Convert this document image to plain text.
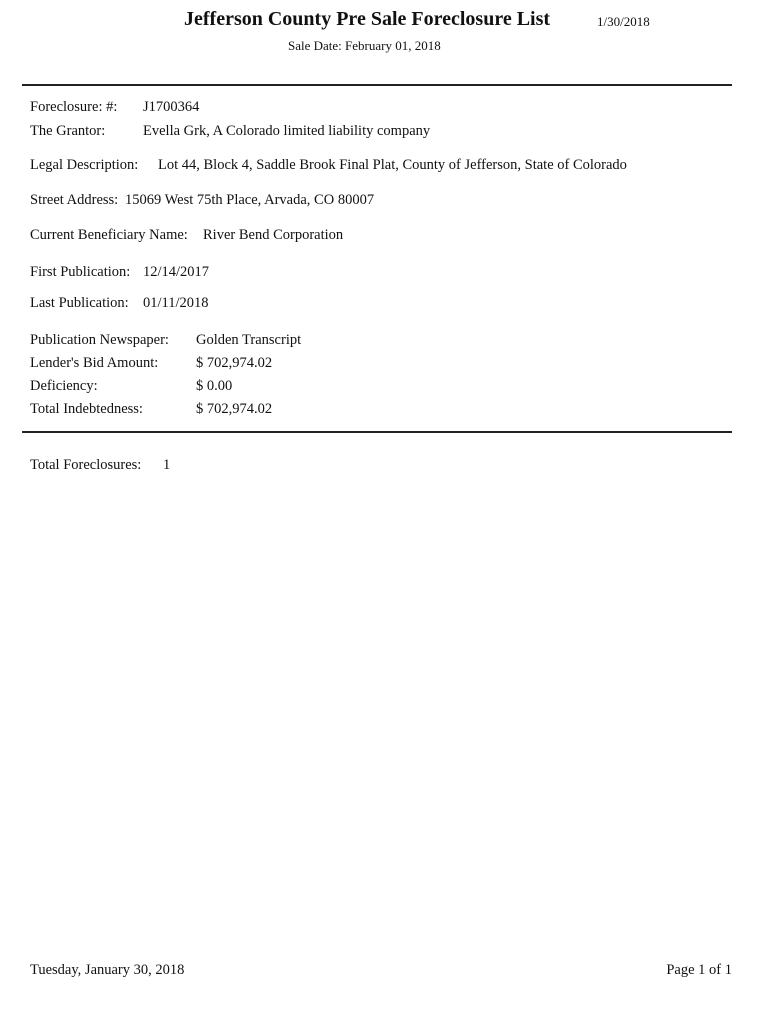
Jefferson County Pre Sale Foreclosure List	1/30/2018
Sale Date: February 01, 2018
Foreclosure: #: J1700364
The Grantor:	Evella Grk, A Colorado limited liability company
Legal Description: Lot 44, Block 4, Saddle Brook Final Plat, County of Jefferson, State of Colorado
Street Address: 15069 West 75th Place, Arvada, CO 80007
Current Beneficiary Name: River Bend Corporation
First Publication: 12/14/2017
Last Publication: 01/11/2018
Publication Newspaper: Golden Transcript
Lender's Bid Amount:	$ 702,974.02
Deficiency:	$ 0.00
Total Indebtedness:	$ 702,974.02
Total Foreclosures: 1
Tuesday, January 30, 2018	Page 1 of 1
